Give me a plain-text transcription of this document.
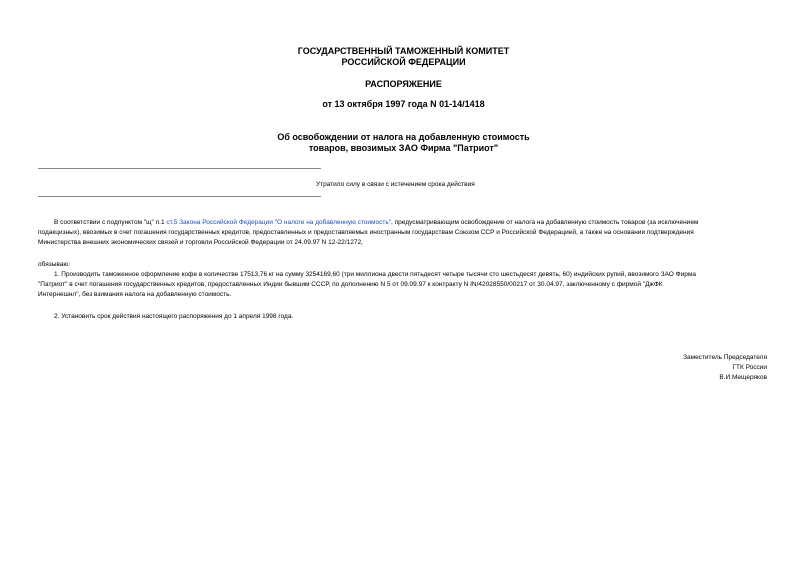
ГОСУДАРСТВЕННЫЙ ТАМОЖЕННЫЙ КОМИТЕТ
РОССИЙСКОЙ ФЕДЕРАЦИИ
РАСПОРЯЖЕНИЕ
от 13 октября 1997 года N 01-14/1418
Об освобождении от налога на добавленную стоимость
товаров, ввозимых ЗАО Фирма "Патриот"
Утратило силу в связи с истечением срока действия
В соответствии с подпунктом "щ" п.1 ст.5 Закона Российской Федерации "О налоге на добавленную стоимость", предусматривающим освобождение от налога на добавленную стоимость товаров (за исключением
подакцизных), ввозимых в счет погашения государственных кредитов, предоставленных и предоставляемых иностранным государствам Союзом ССР и Российской Федерацией, а также на основании подтверждения
Министерства внешних экономических связей и торговли Российской Федерации от 24.09.97 N 12-22/1272,
обязываю:
1. Производить таможенное оформление кофе в количестве 17513,76 кг на сумму 3254169,60 (три миллиона двести пятьдесят четыре тысячи сто шестьдесят девять, 60) индийских рупий, ввозимого ЗАО Фирма
"Патриот" в счет погашения государственных кредитов, предоставленных Индии бывшим СССР, по дополнению N 5 от 09.09.97 к контракту N IN/42028550/00217 от 30.04.97, заключенному с фирмой "ДжФК
Интернешнл", без взимания налога на добавленную стоимость.
2. Установить срок действия настоящего распоряжения до 1 апреля 1998 года.
Заместитель Председателя
ГТК России
В.И.Мещеряков
